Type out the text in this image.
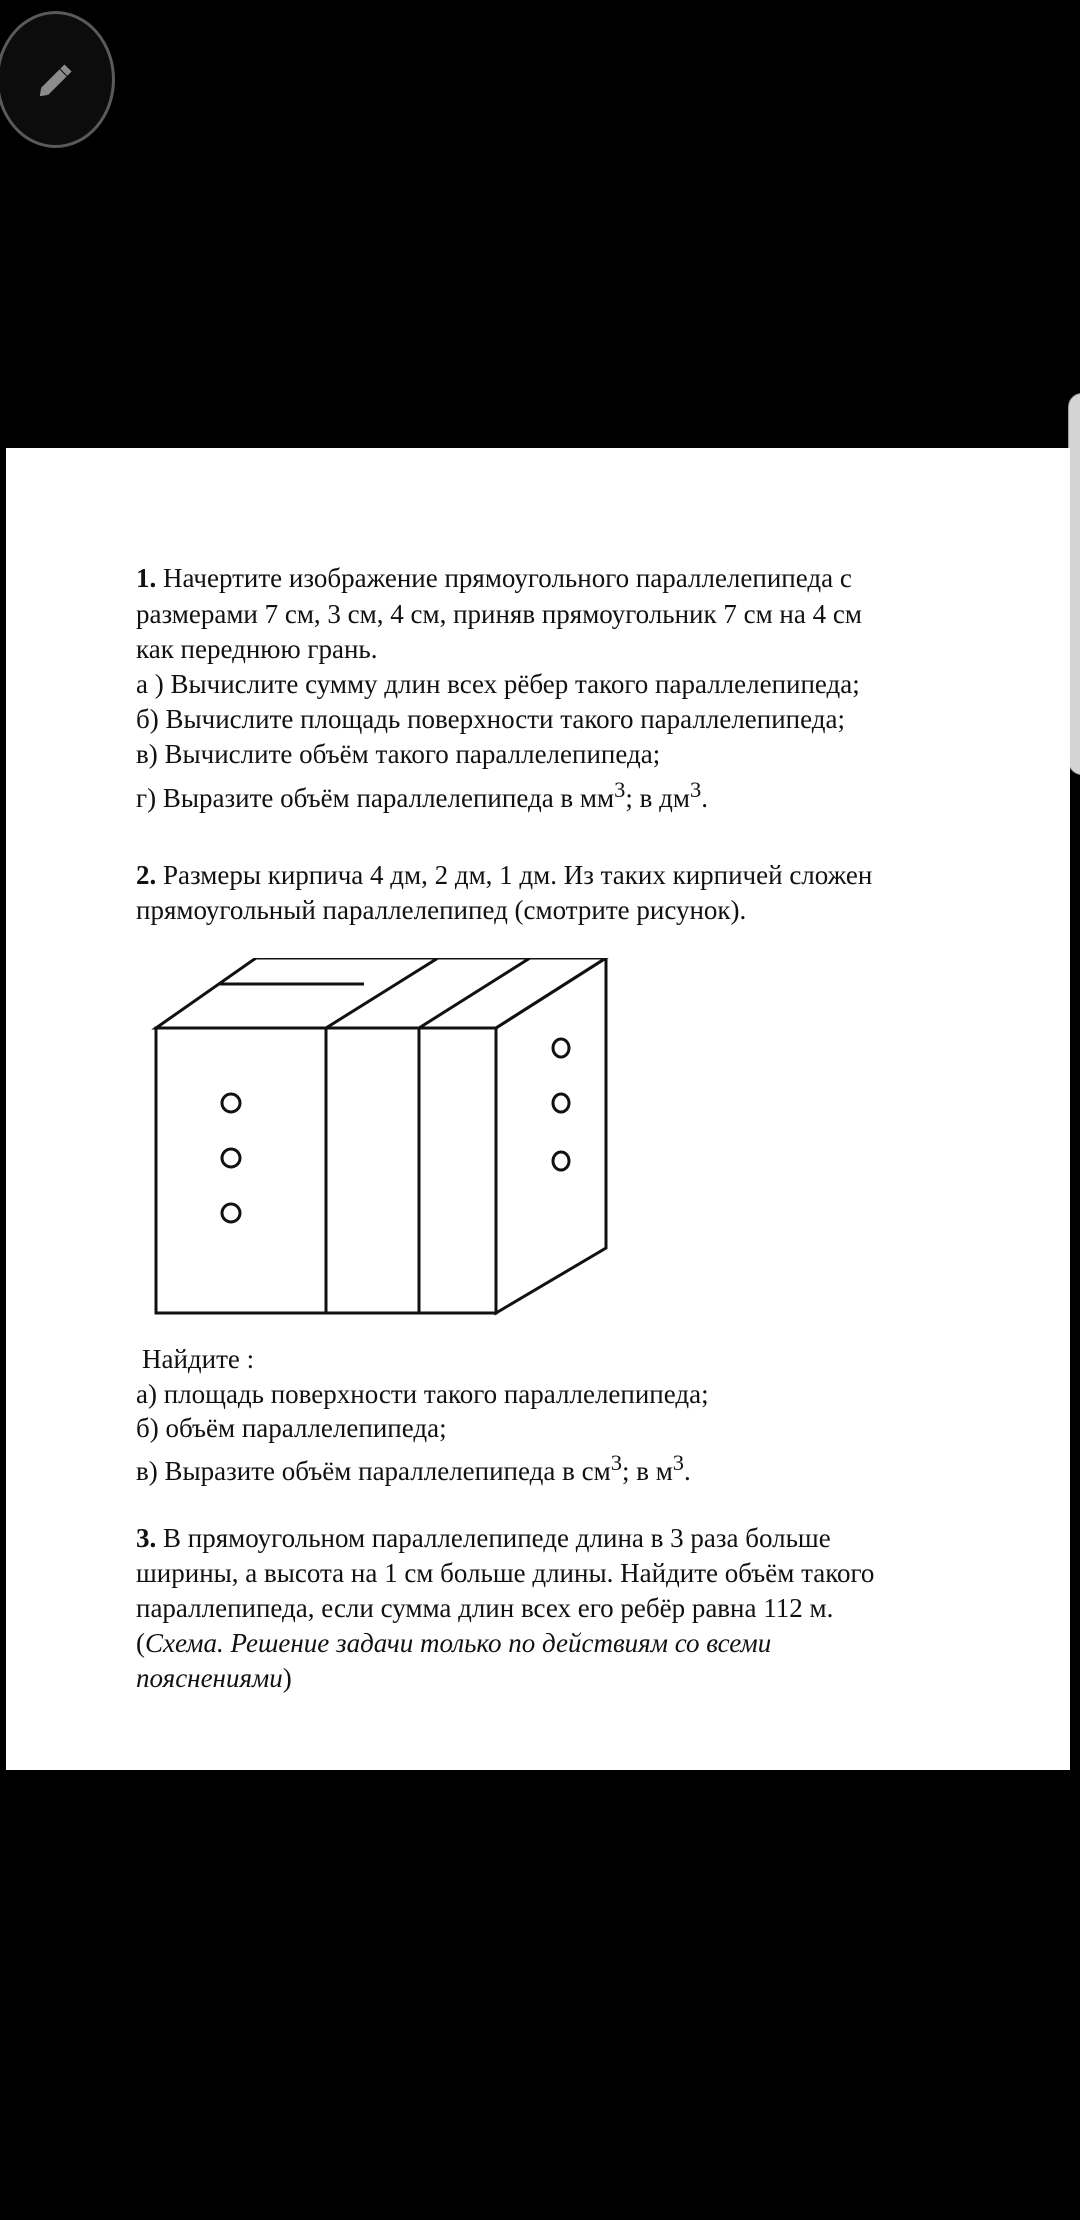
1. Начертите изображение прямоугольного параллелепипеда с
размерами 7 см, 3 см, 4 см, приняв прямоугольник 7 см на 4 см
как переднюю грань.
а ) Вычислите сумму длин всех рёбер такого параллелепипеда;
б) Вычислите площадь поверхности такого параллелепипеда;
в) Вычислите объём такого параллелепипеда;
г) Выразите объём параллелепипеда в $мм^3$; в $дм^3$.
2. Размеры кирпича 4 дм, 2 дм, 1 дм. Из таких кирпичей сложен
прямоугольный параллелепипед (смотрите рисунок).
Найдите :
а) площадь поверхности такого параллелепипеда;
б) объём параллелепипеда;
в) Выразите объём параллелепипеда в $см^3$; в $м^3$.
3. В прямоугольном параллелепипеде длина в 3 раза больше
ширины, а высота на 1 см больше длины. Найдите объём такого
параллепипеда, если сумма длин всех его ребёр равна 112 м.
(Схема. Решение задачи только по действиям со всеми
пояснениями)
